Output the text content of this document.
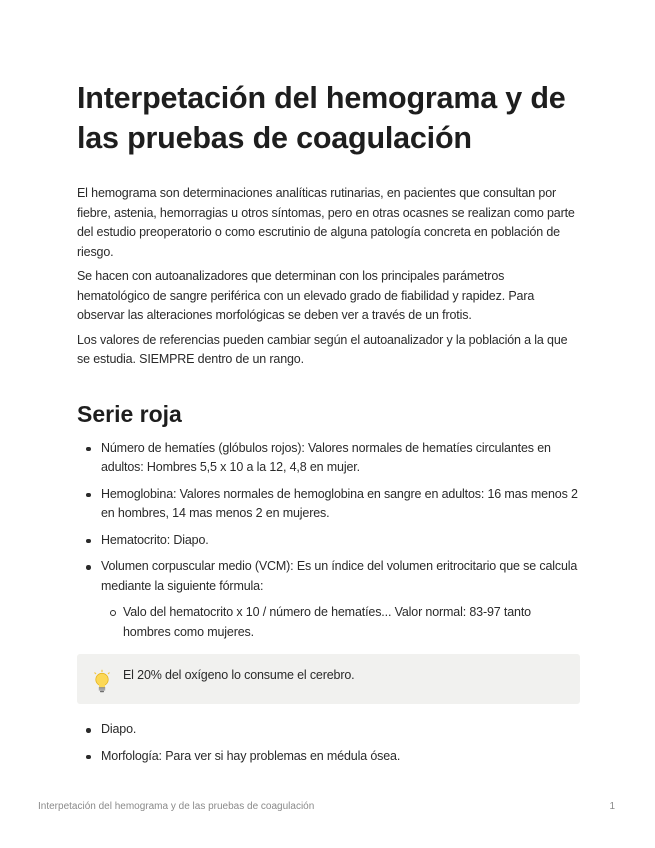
Interpetación del hemograma y de las pruebas de coagulación

El hemograma son determinaciones analíticas rutinarias, en pacientes que consultan por fiebre, astenia, hemorragias u otros síntomas, pero en otras ocasnes se realizan como parte del estudio preoperatorio o como escrutinio de alguna patología concreta en población de riesgo.

Se hacen con autoanalizadores que determinan con los principales parámetros hematológico de sangre periférica con un elevado grado de fiabilidad y rapidez. Para observar las alteraciones morfológicas se deben ver a través de un frotis.

Los valores de referencias pueden cambiar según el autoanalizador y la población a la que se estudia. SIEMPRE dentro de un rango.

Serie roja
Número de hematíes (glóbulos rojos): Valores normales de hematíes circulantes en adultos: Hombres 5,5 x 10 a la 12, 4,8 en mujer.
Hemoglobina: Valores normales de hemoglobina en sangre en adultos: 16 mas menos 2 en hombres, 14 mas menos 2 en mujeres.
Hematocrito: Diapo.
Volumen corpuscular medio (VCM): Es un índice del volumen eritrocitario que se calcula mediante la siguiente fórmula:
Valo del hematocrito x 10 / número de hematíes... Valor normal: 83-97 tanto hombres como mujeres.
El 20% del oxígeno lo consume el cerebro.
Diapo.
Morfología: Para ver si hay problemas en médula ósea.
Interpetación del hemograma y de las pruebas de coagulación	1
